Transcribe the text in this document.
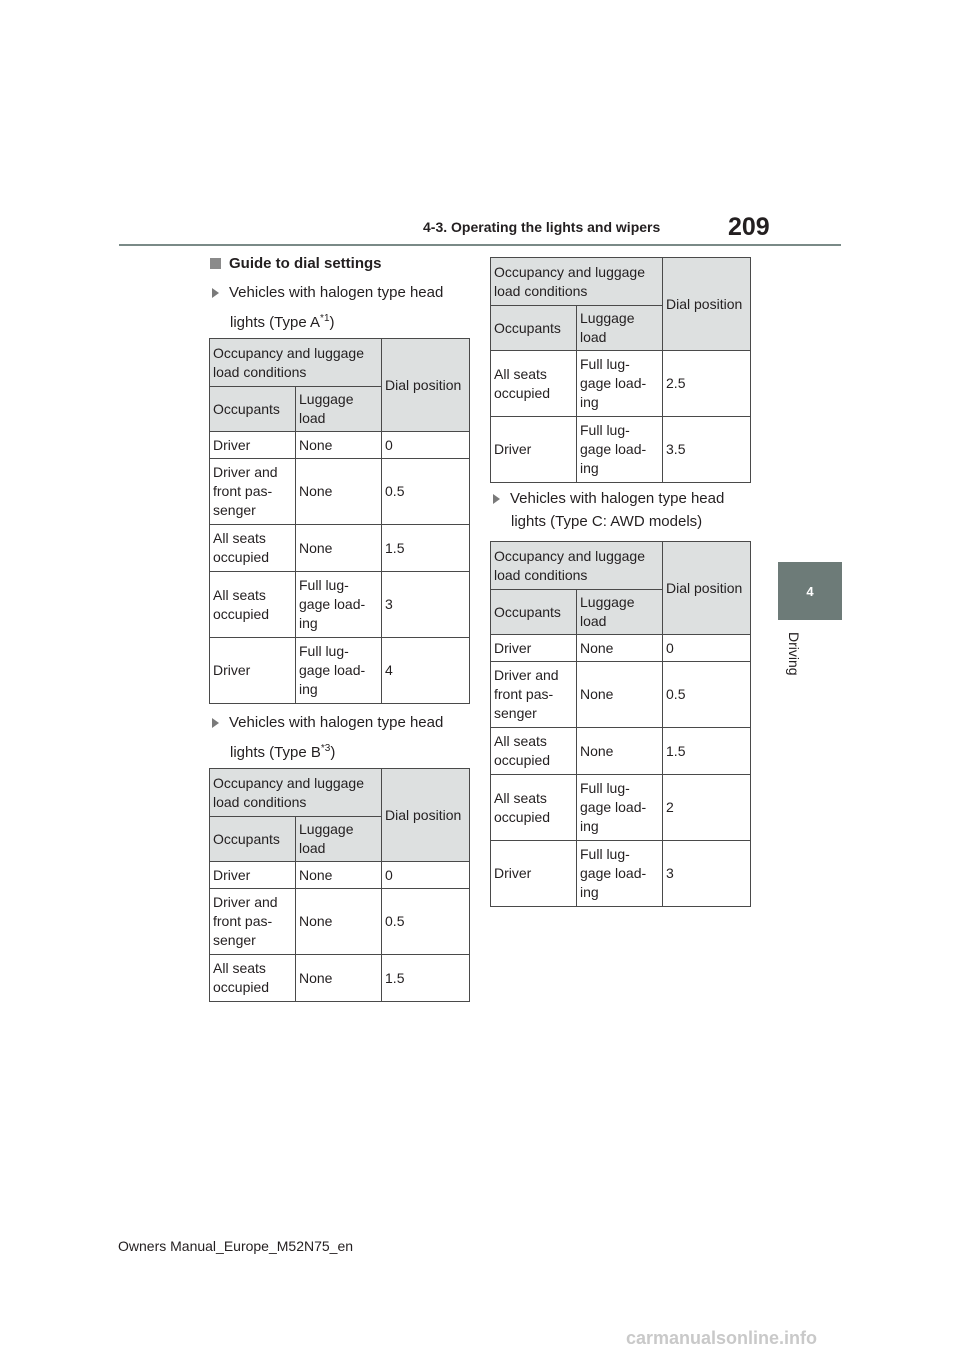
4-3. Operating the lights and wipers	209
4
Driving
Guide to dial settings
Vehicles with halogen type head
lights (Type $A^{*1}$)
Occupancy and luggage load conditions		Dial position
Occupants	Luggage load	
Driver	None	0
Driver and front pas-senger	None	0.5
All seats occupied	None	1.5
All seats occupied	Full lug-gage load-ing	3
Driver	Full lug-gage load-ing	4
Vehicles with halogen type head
lights (Type $B^{*3}$)
Occupancy and luggage load conditions		Dial position
Occupants	Luggage load	
Driver	None	0
Driver and front pas-senger	None	0.5
All seats occupied	None	1.5
Occupancy and luggage load conditions		Dial position
Occupants	Luggage load	
All seats occupied	Full lug-gage load-ing	2.5
Driver	Full lug-gage load-ing	3.5
Vehicles with halogen type head
lights (Type C: AWD models)
Occupancy and luggage load conditions		Dial position
Occupants	Luggage load	
Driver	None	0
Driver and front pas-senger	None	0.5
All seats occupied	None	1.5
All seats occupied	Full lug-gage load-ing	2
Driver	Full lug-gage load-ing	3
Owners Manual_Europe_M52N75_en
carmanualsonline.info
